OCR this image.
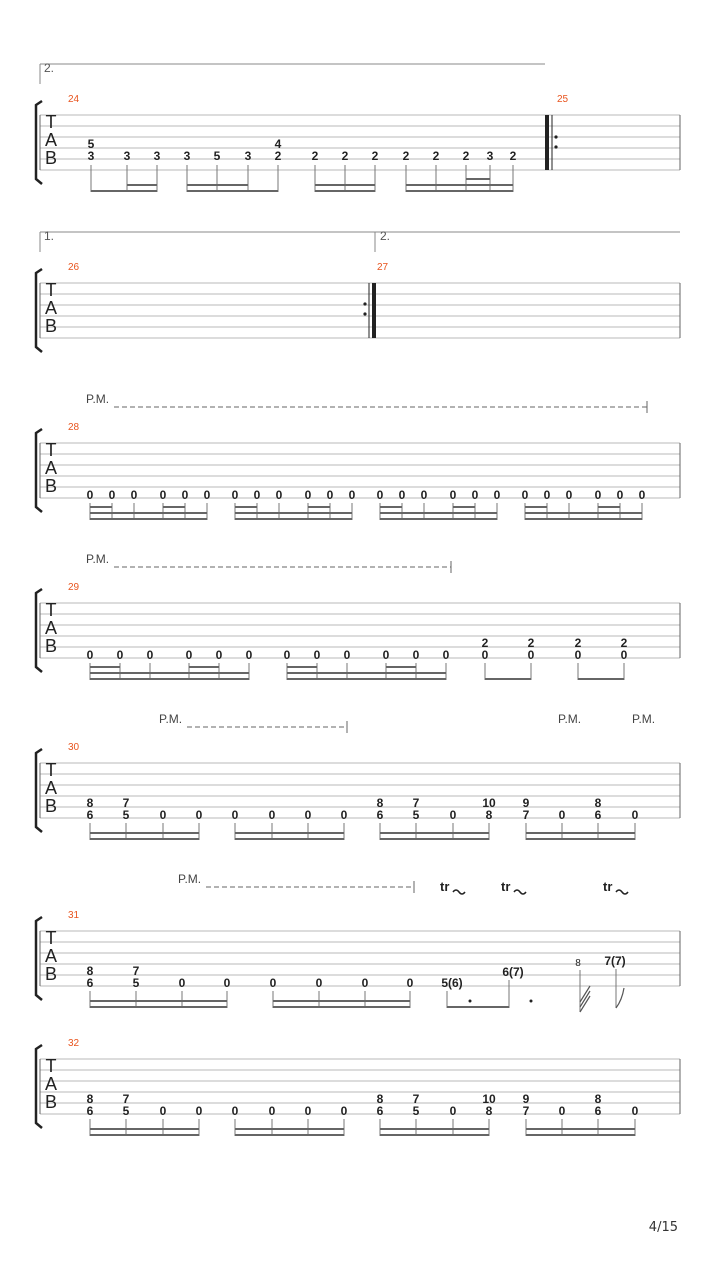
2.
T
A
B
24	25
5
3 3 3 3 5 3
4
2	2 2 2 2 2 2 3 2
1.	2.
T
A
B
26	27
P.M.
T
A
B
28
0 0 0 0 0 0 0 0 0 0 0 0 0 0 0 0 0 0 0 0 0 0 0 0
P.M.
T
A
B
29
0 0 0	0 0 0	0 0 0	0 0 0
2
0
2
0
2
0
2
0
P.M.	P.M.	P.M.
T
A
B
30
8
6
7
5	0 0 0	0 0 0
8
6
7
5	0
10
8
9
7 0
8
6	0
P.M.	tr	tr	tr
T
A
B
31
8
6
7
5	0	0	0	0	0	0 5(6)
6(7)
8 7(7)
T
A
B
32
8
6
7
5	0 0 0	0 0 0
8
6
7
5	0
10
8
9
7 0
8
6	0
4/15
